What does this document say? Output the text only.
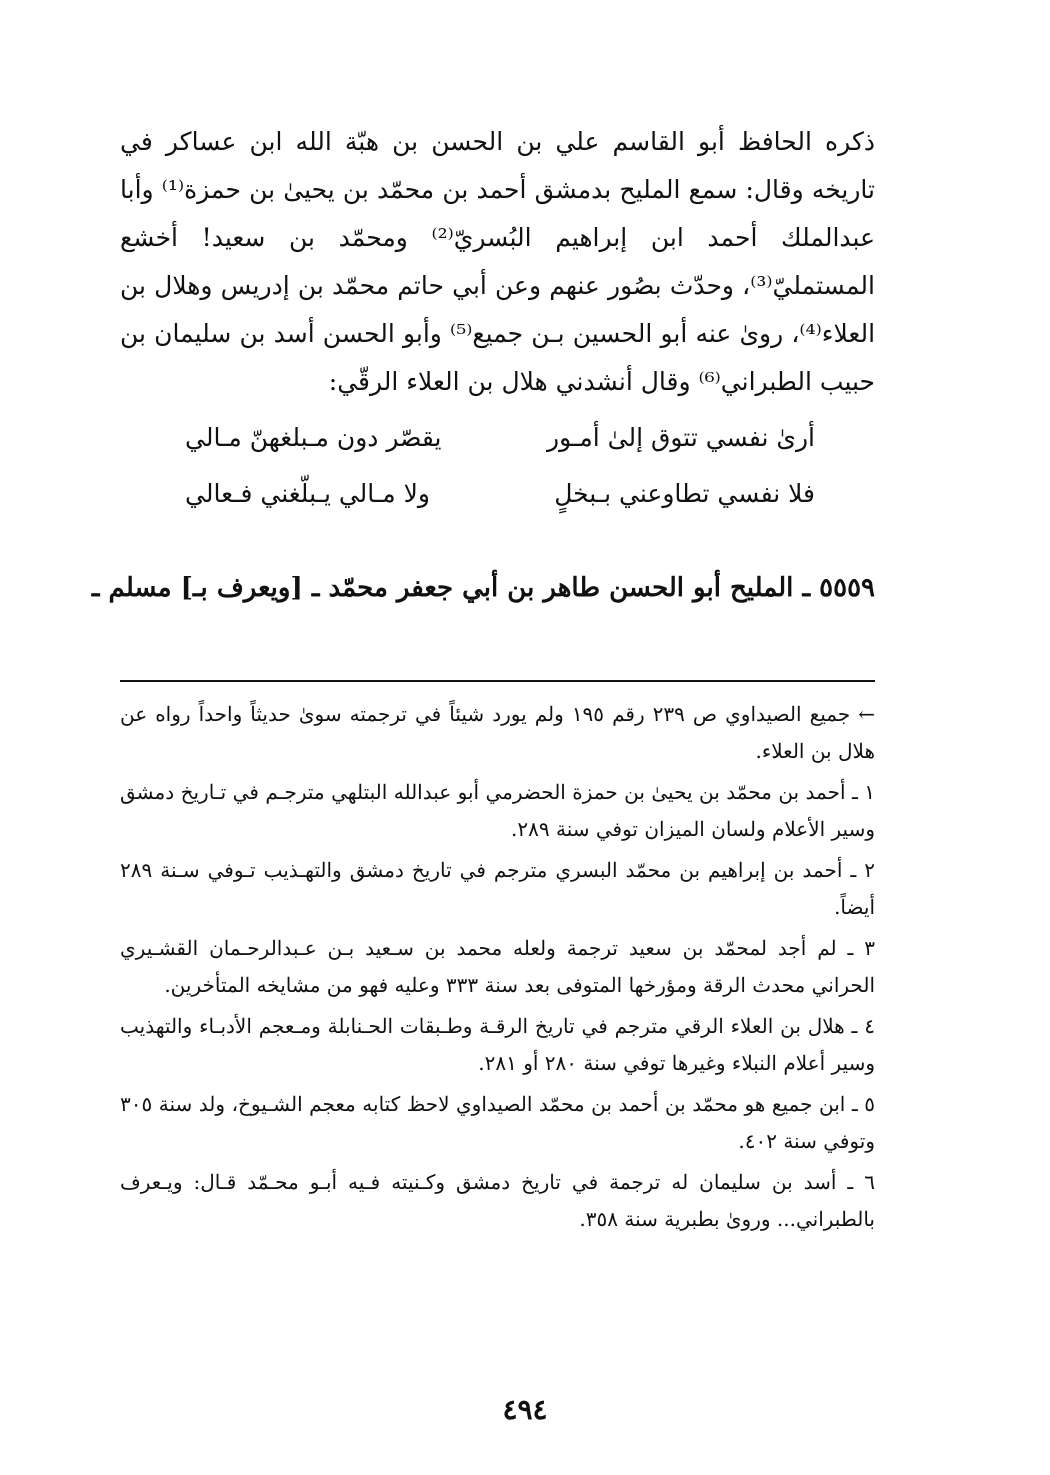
ذكره الحافظ أبو القاسم علي بن الحسن بن هبّة الله ابن عساكر في تاريخه وقال: سمع المليح بدمشق أحمد بن محمّد بن يحيىٰ بن حمزة⁽¹⁾ وأبا عبدالملك أحمد ابن إبراهيم البُسريّ⁽²⁾ ومحمّد بن سعيد! أخشع المستمليّ⁽³⁾، وحدّث بصُور عنهم وعن أبي حاتم محمّد بن إدريس وهلال بن العلاء⁽⁴⁾، رویٰ عنه أبو الحسين بـن جميع⁽⁵⁾ وأبو الحسن أسد بن سليمان بن حبيب الطبراني⁽⁶⁾ وقال أنشدني هلال بن العلاء الرقّي:

أریٰ نفسي تتوق إلیٰ أمـور
يقصّر دون مـبلغهنّ مـالي
فلا نفسي تطاوعني بـبخلٍ
ولا مـالي يـبلّغني فـعالي
٥٥٥٩ ـ المليح أبو الحسن طاهر بن أبي جعفر محمّد ـ [ويعرف بـ] مسلم ـ

← جميع الصيداوي ص ٢٣٩ رقم ١٩٥ ولم يورد شيئاً في ترجمته سویٰ حديثاً واحداً رواه عن هلال بن العلاء.

١ ـ أحمد بن محمّد بن يحيیٰ بن حمزة الحضرمي أبو عبدالله البتلهي مترجـم في تـاريخ دمشق وسير الأعلام ولسان الميزان توفي سنة ٢٨٩.

٢ ـ أحمد بن إبراهيم بن محمّد البسري مترجم في تاريخ دمشق والتهـذيب تـوفي سـنة ٢٨٩ أيضاً.

٣ ـ لم أجد لمحمّد بن سعيد ترجمة ولعله محمد بن سـعيد بـن عـبدالرحـمان القشـيري الحراني محدث الرقة ومؤرخها المتوفی بعد سنة ٣٣٣ وعليه فهو من مشايخه المتأخرين.

٤ ـ هلال بن العلاء الرقي مترجم في تاريخ الرقـة وطـبقات الحـنابلة ومـعجم الأدبـاء والتهذيب وسير أعلام النبلاء وغيرها توفي سنة ٢٨٠ أو ٢٨١.

٥ ـ ابن جميع هو محمّد بن أحمد بن محمّد الصيداوي لاحظ كتابه معجم الشـيوخ، ولد سنة ٣٠٥ وتوفي سنة ٤٠٢.

٦ ـ أسد بن سليمان له ترجمة في تاريخ دمشق وكـنيته فـيه أبـو محـمّد قـال: ويـعرف بالطبراني... وروىٰ بطبرية سنة ٣٥٨.

٤٩٤
